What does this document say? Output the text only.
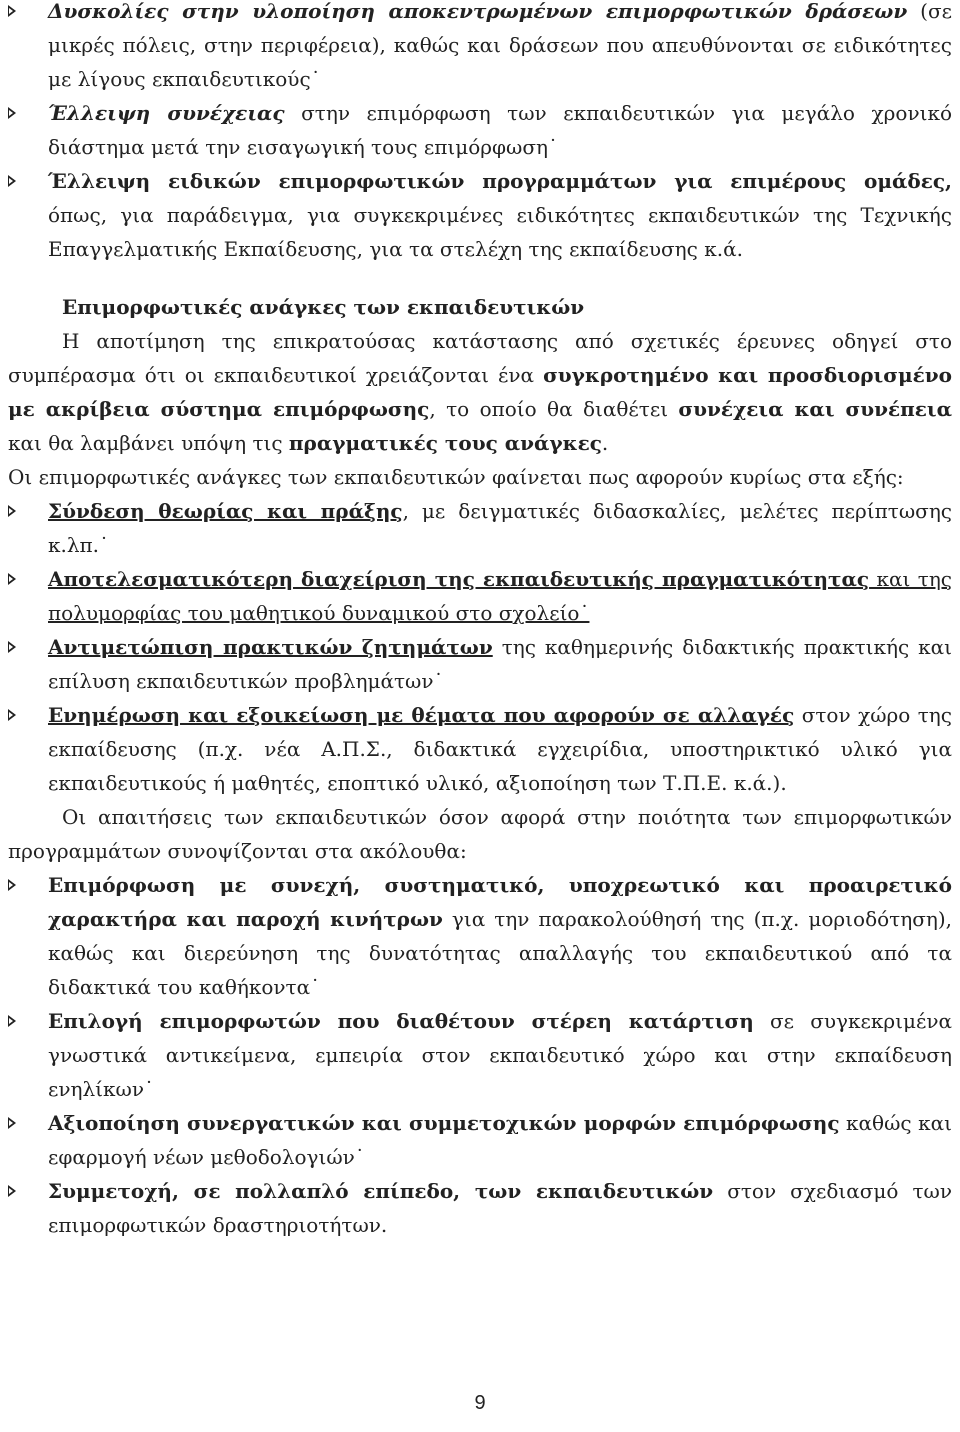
Δυσκολίες στην υλοποίηση αποκεντρωμένων επιμορφωτικών δράσεων (σε μικρές πόλεις, στην περιφέρεια), καθώς και δράσεων που απευθύνονται σε ειδικότητες με λίγους εκπαιδευτικούς˙
Έλλειψη συνέχειας στην επιμόρφωση των εκπαιδευτικών για μεγάλο χρονικό διάστημα μετά την εισαγωγική τους επιμόρφωση˙
Έλλειψη ειδικών επιμορφωτικών προγραμμάτων για επιμέρους ομάδες, όπως, για παράδειγμα, για συγκεκριμένες ειδικότητες εκπαιδευτικών της Τεχνικής Επαγγελματικής Εκπαίδευσης, για τα στελέχη της εκπαίδευσης κ.ά.
Επιμορφωτικές ανάγκες των εκπαιδευτικών
Η αποτίμηση της επικρατούσας κατάστασης από σχετικές έρευνες οδηγεί στο συμπέρασμα ότι οι εκπαιδευτικοί χρειάζονται ένα συγκροτημένο και προσδιορισμένο με ακρίβεια σύστημα επιμόρφωσης, το οποίο θα διαθέτει συνέχεια και συνέπεια και θα λαμβάνει υπόψη τις πραγματικές τους ανάγκες.
Οι επιμορφωτικές ανάγκες των εκπαιδευτικών φαίνεται πως αφορούν κυρίως στα εξής:
Σύνδεση θεωρίας και πράξης, με δειγματικές διδασκαλίες, μελέτες περίπτωσης κ.λπ.˙
Αποτελεσματικότερη διαχείριση της εκπαιδευτικής πραγματικότητας και της πολυμορφίας του μαθητικού δυναμικού στο σχολείο˙
Αντιμετώπιση πρακτικών ζητημάτων της καθημερινής διδακτικής πρακτικής και επίλυση εκπαιδευτικών προβλημάτων˙
Ενημέρωση και εξοικείωση με θέματα που αφορούν σε αλλαγές στον χώρο της εκπαίδευσης (π.χ. νέα Α.Π.Σ., διδακτικά εγχειρίδια, υποστηρικτικό υλικό για εκπαιδευτικούς ή μαθητές, εποπτικό υλικό, αξιοποίηση των Τ.Π.Ε. κ.ά.).
Οι απαιτήσεις των εκπαιδευτικών όσον αφορά στην ποιότητα των επιμορφωτικών προγραμμάτων συνοψίζονται στα ακόλουθα:
Επιμόρφωση με συνεχή, συστηματικό, υποχρεωτικό και προαιρετικό χαρακτήρα και παροχή κινήτρων για την παρακολούθησή της (π.χ. μοριοδότηση), καθώς και διερεύνηση της δυνατότητας απαλλαγής του εκπαιδευτικού από τα διδακτικά του καθήκοντα˙
Επιλογή επιμορφωτών που διαθέτουν στέρεη κατάρτιση σε συγκεκριμένα γνωστικά αντικείμενα, εμπειρία στον εκπαιδευτικό χώρο και στην εκπαίδευση ενηλίκων˙
Αξιοποίηση συνεργατικών και συμμετοχικών μορφών επιμόρφωσης καθώς και εφαρμογή νέων μεθοδολογιών˙
Συμμετοχή, σε πολλαπλό επίπεδο, των εκπαιδευτικών στον σχεδιασμό των επιμορφωτικών δραστηριοτήτων.
9
